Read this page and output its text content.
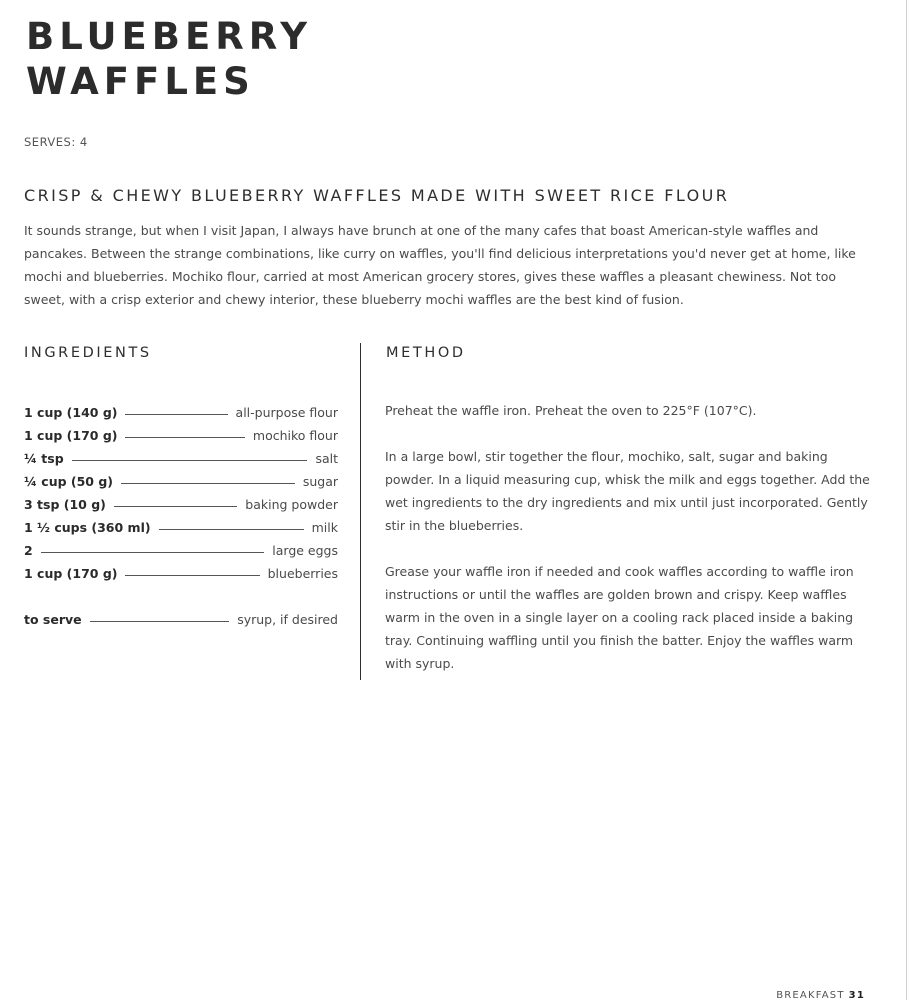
BLUEBERRY
WAFFLES
SERVES: 4
CRISP & CHEWY BLUEBERRY WAFFLES MADE WITH SWEET RICE FLOUR

It sounds strange, but when I visit Japan, I always have brunch at one of the many cafes that boast American-style waffles and pancakes. Between the strange combinations, like curry on waffles, you'll find delicious interpretations you'd never get at home, like mochi and blueberries. Mochiko flour, carried at most American grocery stores, gives these waffles a pleasant chewiness. Not too sweet, with a crisp exterior and chewy interior, these blueberry mochi waffles are the best kind of fusion.

INGREDIENTS	METHOD
1 cup (140 g)	all-purpose flour
1 cup (170 g)	mochiko flour
¼ tsp	salt
¼ cup (50 g)	sugar
3 tsp (10 g)	baking powder
1 ½ cups (360 ml)	milk
2	large eggs
1 cup (170 g)	blueberries
to serve	syrup, if desired

Preheat the waffle iron. Preheat the oven to 225°F (107°C).

In a large bowl, stir together the flour, mochiko, salt, sugar and baking powder. In a liquid measuring cup, whisk the milk and eggs together. Add the wet ingredients to the dry ingredients and mix until just incorporated. Gently stir in the blueberries.

Grease your waffle iron if needed and cook waffles according to waffle iron instructions or until the waffles are golden brown and crispy. Keep waffles warm in the oven in a single layer on a cooling rack placed inside a baking tray. Continuing waffling until you finish the batter. Enjoy the waffles warm with syrup.

BREAKFAST 31
